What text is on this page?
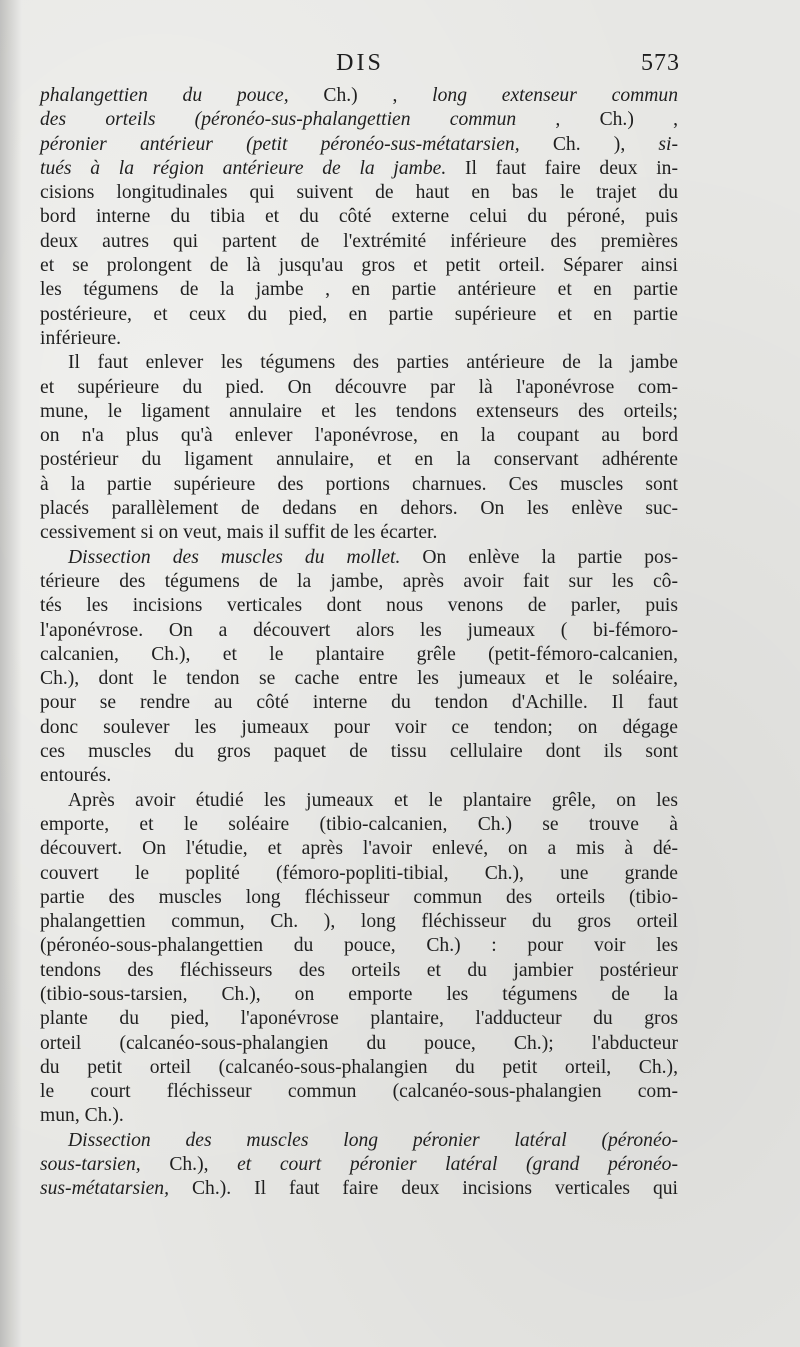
DIS	573
phalangettien du pouce, Ch.) , long extenseur commun
des orteils (péronéo-sus-phalangettien commun , Ch.) ,
péronier antérieur (petit péronéo-sus-métatarsien, Ch. ), si-
tués à la région antérieure de la jambe. Il faut faire deux in-
cisions longitudinales qui suivent de haut en bas le trajet du
bord interne du tibia et du côté externe celui du péroné, puis
deux autres qui partent de l'extrémité inférieure des premières
et se prolongent de là jusqu'au gros et petit orteil. Séparer ainsi
les tégumens de la jambe , en partie antérieure et en partie
postérieure, et ceux du pied, en partie supérieure et en partie
inférieure.
Il faut enlever les tégumens des parties antérieure de la jambe
et supérieure du pied. On découvre par là l'aponévrose com-
mune, le ligament annulaire et les tendons extenseurs des orteils;
on n'a plus qu'à enlever l'aponévrose, en la coupant au bord
postérieur du ligament annulaire, et en la conservant adhérente
à la partie supérieure des portions charnues. Ces muscles sont
placés parallèlement de dedans en dehors. On les enlève suc-
cessivement si on veut, mais il suffit de les écarter.
Dissection des muscles du mollet. On enlève la partie pos-
térieure des tégumens de la jambe, après avoir fait sur les cô-
tés les incisions verticales dont nous venons de parler, puis
l'aponévrose. On a découvert alors les jumeaux ( bi-fémoro-
calcanien, Ch.), et le plantaire grêle (petit-fémoro-calcanien,
Ch.), dont le tendon se cache entre les jumeaux et le soléaire,
pour se rendre au côté interne du tendon d'Achille. Il faut
donc soulever les jumeaux pour voir ce tendon; on dégage
ces muscles du gros paquet de tissu cellulaire dont ils sont
entourés.
Après avoir étudié les jumeaux et le plantaire grêle, on les
emporte, et le soléaire (tibio-calcanien, Ch.) se trouve à
découvert. On l'étudie, et après l'avoir enlevé, on a mis à dé-
couvert le poplité (fémoro-popliti-tibial, Ch.), une grande
partie des muscles long fléchisseur commun des orteils (tibio-
phalangettien commun, Ch. ), long fléchisseur du gros orteil
(péronéo-sous-phalangettien du pouce, Ch.) : pour voir les
tendons des fléchisseurs des orteils et du jambier postérieur
(tibio-sous-tarsien, Ch.), on emporte les tégumens de la
plante du pied, l'aponévrose plantaire, l'adducteur du gros
orteil (calcanéo-sous-phalangien du pouce, Ch.); l'abducteur
du petit orteil (calcanéo-sous-phalangien du petit orteil, Ch.),
le court fléchisseur commun (calcanéo-sous-phalangien com-
mun, Ch.).
Dissection des muscles long péronier latéral (péronéo-
sous-tarsien, Ch.), et court péronier latéral (grand péronéo-
sus-métatarsien, Ch.). Il faut faire deux incisions verticales qui
